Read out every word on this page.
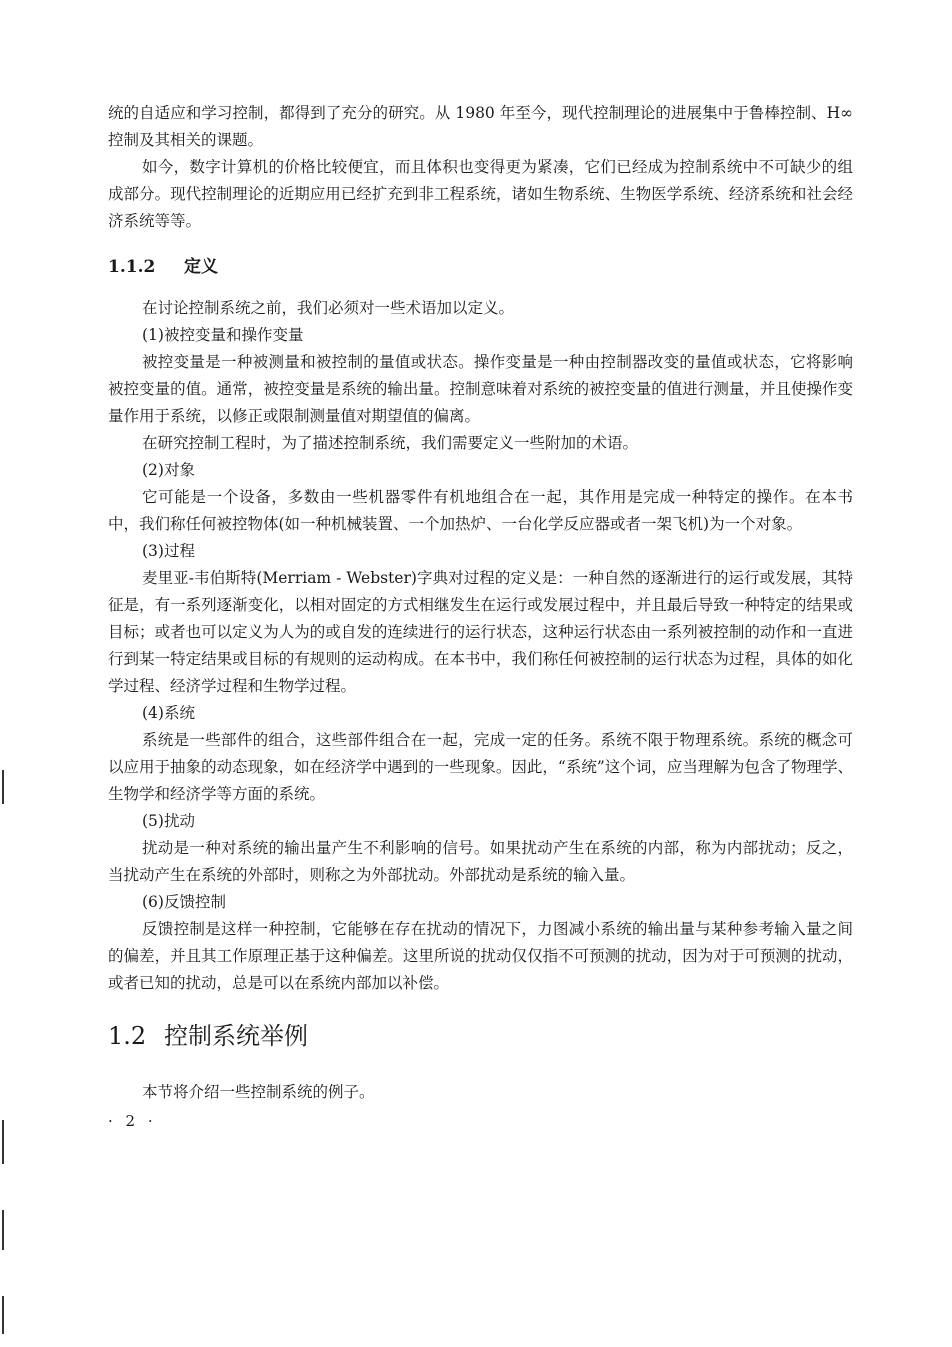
统的自适应和学习控制，都得到了充分的研究。从 1980 年至今，现代控制理论的进展集中于鲁棒控制、H∞ 控制及其相关的课题。

如今，数字计算机的价格比较便宜，而且体积也变得更为紧凑，它们已经成为控制系统中不可缺少的组成部分。现代控制理论的近期应用已经扩充到非工程系统，诸如生物系统、生物医学系统、经济系统和社会经济系统等等。

1.1.2 定义

在讨论控制系统之前，我们必须对一些术语加以定义。

(1)被控变量和操作变量

被控变量是一种被测量和被控制的量值或状态。操作变量是一种由控制器改变的量值或状态，它将影响被控变量的值。通常，被控变量是系统的输出量。控制意味着对系统的被控变量的值进行测量，并且使操作变量作用于系统，以修正或限制测量值对期望值的偏离。

在研究控制工程时，为了描述控制系统，我们需要定义一些附加的术语。

(2)对象

它可能是一个设备，多数由一些机器零件有机地组合在一起，其作用是完成一种特定的操作。在本书中，我们称任何被控物体(如一种机械装置、一个加热炉、一台化学反应器或者一架飞机)为一个对象。

(3)过程

麦里亚-韦伯斯特(Merriam - Webster)字典对过程的定义是：一种自然的逐渐进行的运行或发展，其特征是，有一系列逐渐变化，以相对固定的方式相继发生在运行或发展过程中，并且最后导致一种特定的结果或目标；或者也可以定义为人为的或自发的连续进行的运行状态，这种运行状态由一系列被控制的动作和一直进行到某一特定结果或目标的有规则的运动构成。在本书中，我们称任何被控制的运行状态为过程，具体的如化学过程、经济学过程和生物学过程。

(4)系统

系统是一些部件的组合，这些部件组合在一起，完成一定的任务。系统不限于物理系统。系统的概念可以应用于抽象的动态现象，如在经济学中遇到的一些现象。因此，“系统”这个词，应当理解为包含了物理学、生物学和经济学等方面的系统。

(5)扰动

扰动是一种对系统的输出量产生不利影响的信号。如果扰动产生在系统的内部，称为内部扰动；反之，当扰动产生在系统的外部时，则称之为外部扰动。外部扰动是系统的输入量。

(6)反馈控制

反馈控制是这样一种控制，它能够在存在扰动的情况下，力图减小系统的输出量与某种参考输入量之间的偏差，并且其工作原理正基于这种偏差。这里所说的扰动仅仅指不可预测的扰动，因为对于可预测的扰动，或者已知的扰动，总是可以在系统内部加以补偿。

1.2 控制系统举例

本节将介绍一些控制系统的例子。

· 2 ·
